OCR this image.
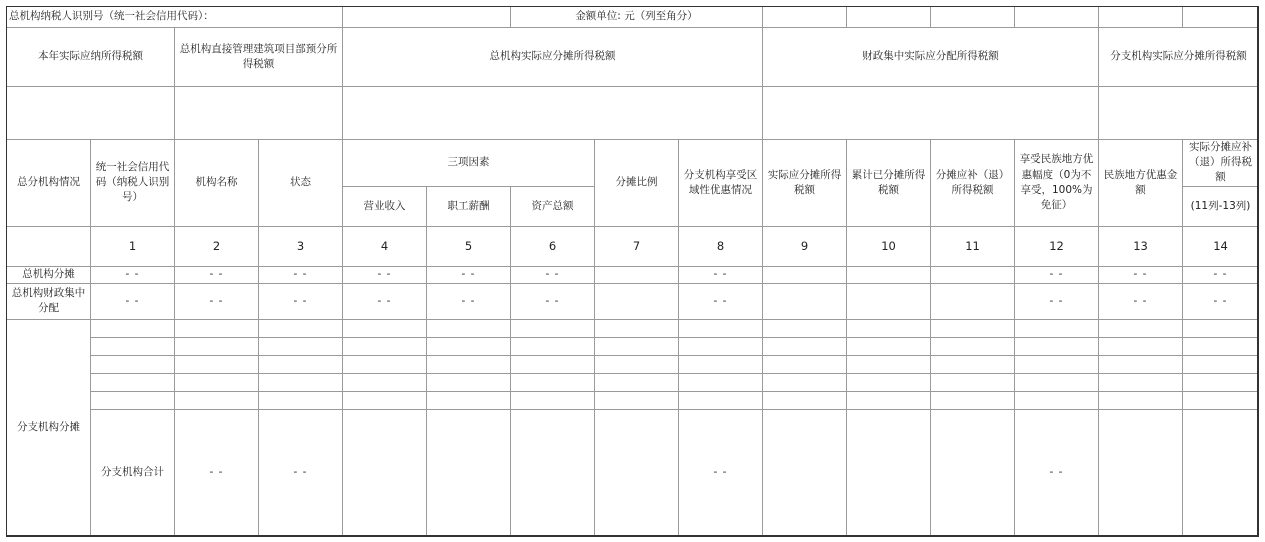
总机构纳税人识别号（统一社会信用代码）：						金额单位: 元（列至角分）								
本年实际应纳所得税额		总机构直接管理建筑项目部预分所得税额		总机构实际应分摊所得税额					财政集中实际应分配所得税额				分支机构实际应分摊所得税额	

总分机构情况	统一社会信用代码（纳税人识别号）	机构名称	状态	三项因素			分摊比例	分支机构享受区域性优惠情况	实际应分摊所得税额	累计已分摊所得税额	分摊应补（退）所得税额	享受民族地方优惠幅度（0为不享受，100%为免征）	民族地方优惠金额	实际分摊应补（退）所得税额
				营业收入	职工薪酬	资产总额								(11列-13列)
	1	2	3	4	5	6	7	8	9	10	11	12	13	14
总机构分摊	- -	- -	- -	- -	- -	- -		- -				- -	- -	- -
总机构财政集中分配	- -	- -	- -	- -	- -	- -		- -				- -	- -	- -
分支机构分摊														

	分支机构合计	- -	- -					- -				- -		
